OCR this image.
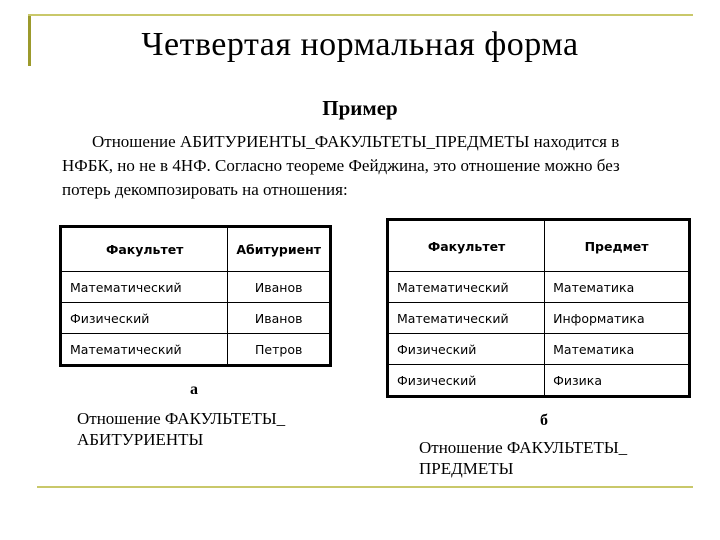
Четвертая нормальная форма
Пример
Отношение АБИТУРИЕНТЫ_ФАКУЛЬТЕТЫ_ПРЕДМЕТЫ находится в НФБК, но не в 4НФ. Согласно теореме Фейджина, это отношение можно без потерь декомпозировать на отношения:
Факультет	Абитуриент
Математический	Иванов
Физический	Иванов
Математический	Петров
Факультет	Предмет
Математический	Математика
Математический	Информатика
Физический	Математика
Физический	Физика
а
Отношение ФАКУЛЬТЕТЫ_
АБИТУРИЕНТЫ
б
Отношение ФАКУЛЬТЕТЫ_
ПРЕДМЕТЫ
